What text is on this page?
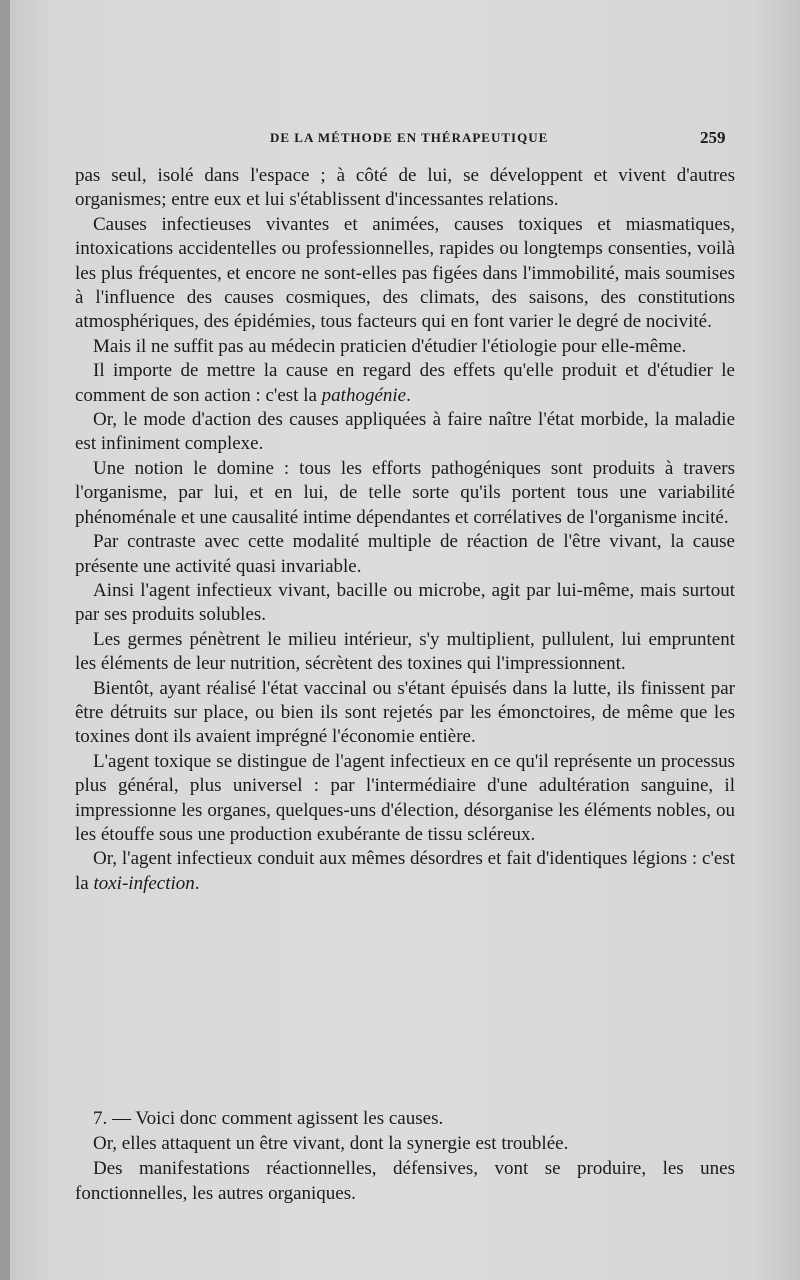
DE LA MÉTHODE EN THÉRAPEUTIQUE	259

pas seul, isolé dans l'espace ; à côté de lui, se développent et vivent d'autres organismes; entre eux et lui s'établissent d'incessantes relations.

Causes infectieuses vivantes et animées, causes toxiques et miasmatiques, intoxications accidentelles ou professionnelles, rapides ou longtemps consenties, voilà les plus fréquentes, et encore ne sont-elles pas figées dans l'immobilité, mais soumises à l'influence des causes cosmiques, des climats, des saisons, des constitutions atmosphériques, des épidémies, tous facteurs qui en font varier le degré de nocivité.

Mais il ne suffit pas au médecin praticien d'étudier l'étiologie pour elle-même.

Il importe de mettre la cause en regard des effets qu'elle produit et d'étudier le comment de son action : c'est la pathogénie.

Or, le mode d'action des causes appliquées à faire naître l'état morbide, la maladie est infiniment complexe.

Une notion le domine : tous les efforts pathogéniques sont produits à travers l'organisme, par lui, et en lui, de telle sorte qu'ils portent tous une variabilité phénoménale et une causalité intime dépendantes et corrélatives de l'organisme incité.

Par contraste avec cette modalité multiple de réaction de l'être vivant, la cause présente une activité quasi invariable.

Ainsi l'agent infectieux vivant, bacille ou microbe, agit par lui-même, mais surtout par ses produits solubles.

Les germes pénètrent le milieu intérieur, s'y multiplient, pullulent, lui empruntent les éléments de leur nutrition, sécrètent des toxines qui l'impressionnent.

Bientôt, ayant réalisé l'état vaccinal ou s'étant épuisés dans la lutte, ils finissent par être détruits sur place, ou bien ils sont rejetés par les émonctoires, de même que les toxines dont ils avaient imprégné l'économie entière.

L'agent toxique se distingue de l'agent infectieux en ce qu'il représente un processus plus général, plus universel : par l'intermédiaire d'une adultération sanguine, il impressionne les organes, quelques-uns d'élection, désorganise les éléments nobles, ou les étouffe sous une production exubérante de tissu scléreux.

Or, l'agent infectieux conduit aux mêmes désordres et fait d'identiques légions : c'est la toxi-infection.

7. — Voici donc comment agissent les causes.

Or, elles attaquent un être vivant, dont la synergie est troublée.

Des manifestations réactionnelles, défensives, vont se produire, les unes fonctionnelles, les autres organiques.
